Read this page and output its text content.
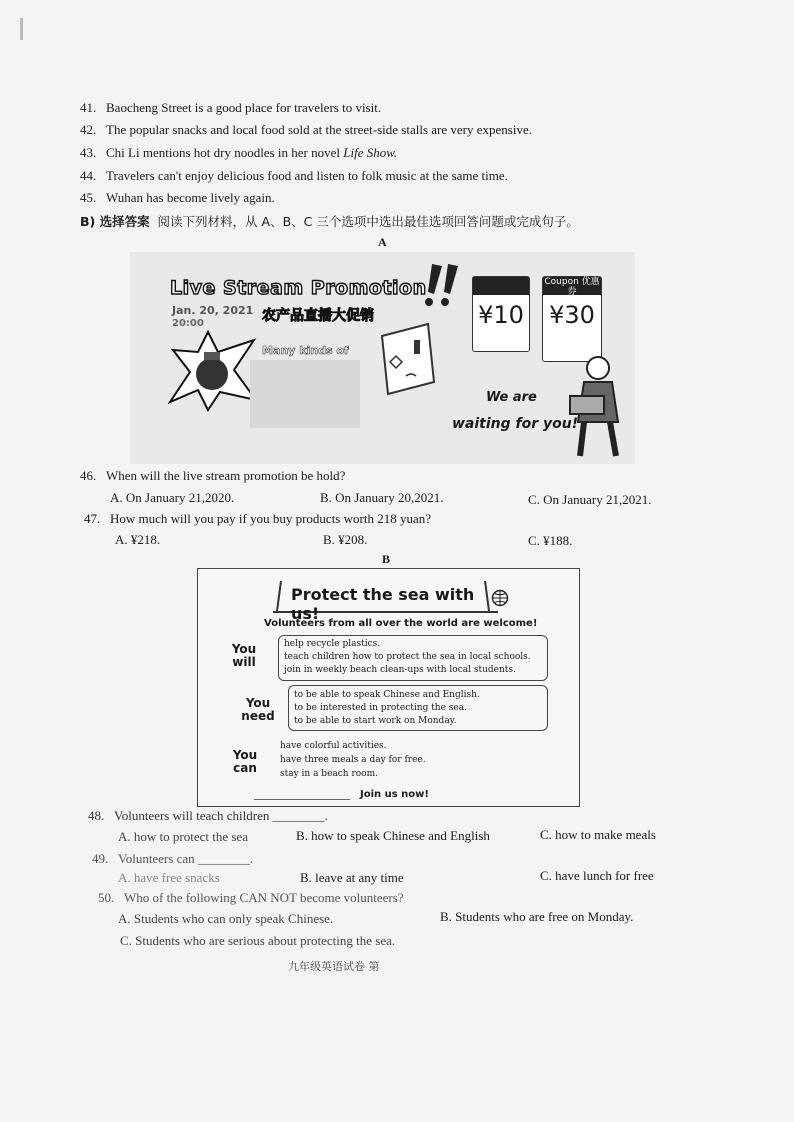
41. Baocheng Street is a good place for travelers to visit.
42. The popular snacks and local food sold at the street-side stalls are very expensive.
43. Chi Li mentions hot dry noodles in her novel Life Show.
44. Travelers can't enjoy delicious food and listen to folk music at the same time.
45. Wuhan has become lively again.
B) 选择答案 阅读下列材料，从 A、B、C 三个选项中选出最佳选项回答问题或完成句子。
A
Live Stream Promotion
Jan. 20, 2021
20:00	农产品直播大促销
Many kinds of
¥10
Coupon 优惠券
¥30
We are
waiting for you!
46. When will the live stream promotion be hold?
A. On January 21,2020.	B. On January 20,2021.	C. On January 21,2021.
47. How much will you pay if you buy products worth 218 yuan?
A. ¥218.	B. ¥208.	C. ¥188.
B
Protect the sea with us!
Volunteers from all over the world are welcome!
You will
help recycle plastics.
teach children how to protect the sea in local schools.
join in weekly beach clean-ups with local students.
You need
to be able to speak Chinese and English.
to be interested in protecting the sea.
to be able to start work on Monday.
You can
have colorful activities.
have three meals a day for free.
stay in a beach room.
Join us now!
48. Volunteers will teach children ________.
A. how to protect the sea	B. how to speak Chinese and English	C. how to make meals
49. Volunteers can ________.
A. have free snacks	B. leave at any time	C. have lunch for free
50. Who of the following CAN NOT become volunteers?
A. Students who can only speak Chinese.	B. Students who are free on Monday.
C. Students who are serious about protecting the sea.
九年级英语试卷 第
